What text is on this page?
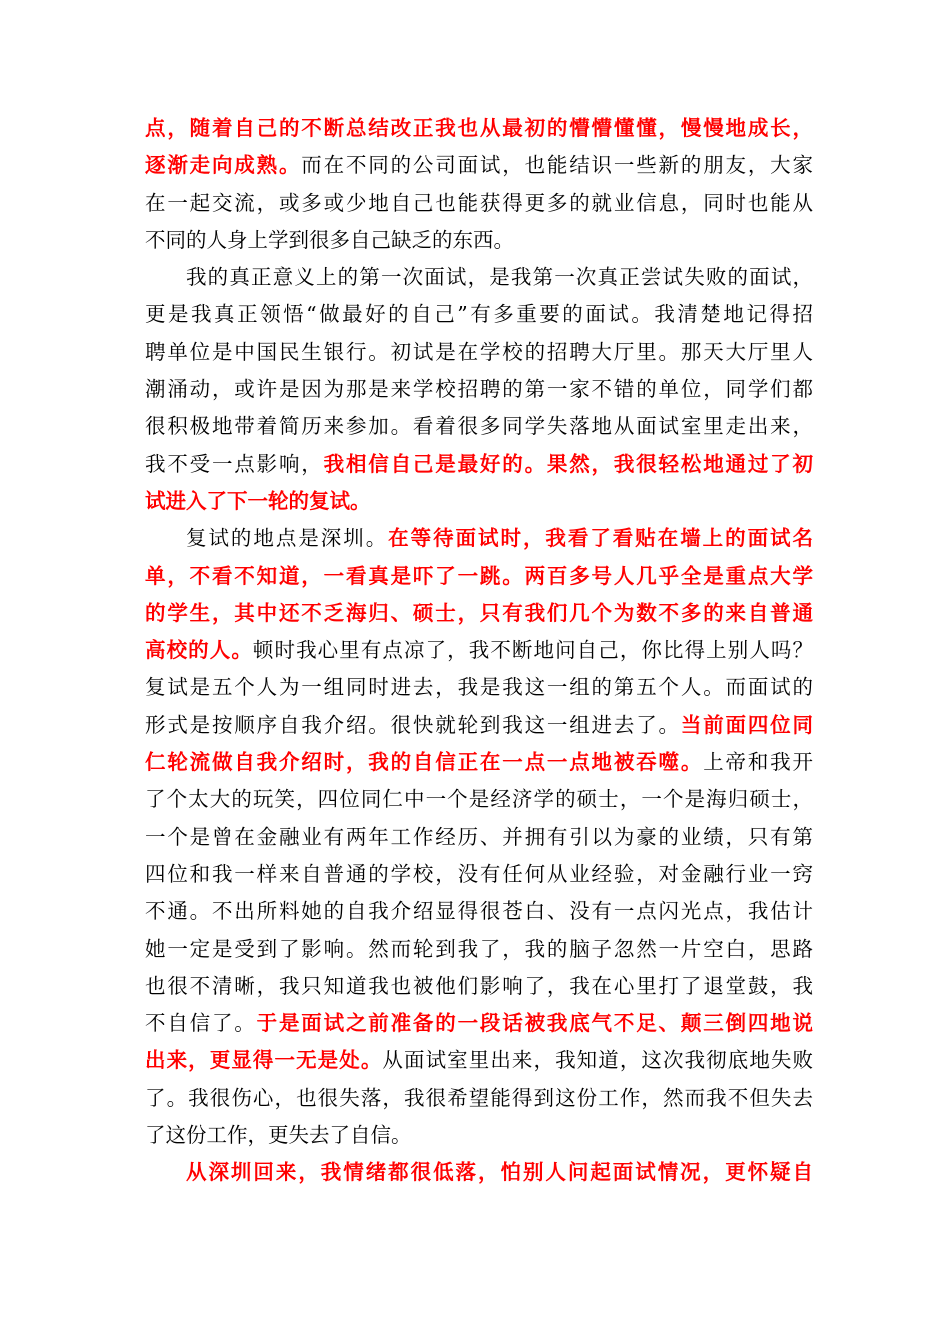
点，随着自己的不断总结改正我也从最初的懵懵懂懂，慢慢地成长，
逐渐走向成熟。而在不同的公司面试，也能结识一些新的朋友，大家
在一起交流，或多或少地自己也能获得更多的就业信息，同时也能从
不同的人身上学到很多自己缺乏的东西。
我的真正意义上的第一次面试，是我第一次真正尝试失败的面试，
更是我真正领悟“做最好的自己”有多重要的面试。我清楚地记得招
聘单位是中国民生银行。初试是在学校的招聘大厅里。那天大厅里人
潮涌动，或许是因为那是来学校招聘的第一家不错的单位，同学们都
很积极地带着简历来参加。看着很多同学失落地从面试室里走出来，
我不受一点影响，我相信自己是最好的。果然，我很轻松地通过了初
试进入了下一轮的复试。
复试的地点是深圳。在等待面试时，我看了看贴在墙上的面试名
单，不看不知道，一看真是吓了一跳。两百多号人几乎全是重点大学
的学生，其中还不乏海归、硕士，只有我们几个为数不多的来自普通
高校的人。顿时我心里有点凉了，我不断地问自己，你比得上别人吗？
复试是五个人为一组同时进去，我是我这一组的第五个人。而面试的
形式是按顺序自我介绍。很快就轮到我这一组进去了。当前面四位同
仁轮流做自我介绍时，我的自信正在一点一点地被吞噬。上帝和我开
了个太大的玩笑，四位同仁中一个是经济学的硕士，一个是海归硕士，
一个是曾在金融业有两年工作经历、并拥有引以为豪的业绩，只有第
四位和我一样来自普通的学校，没有任何从业经验，对金融行业一窍
不通。不出所料她的自我介绍显得很苍白、没有一点闪光点，我估计
她一定是受到了影响。然而轮到我了，我的脑子忽然一片空白，思路
也很不清晰，我只知道我也被他们影响了，我在心里打了退堂鼓，我
不自信了。于是面试之前准备的一段话被我底气不足、颠三倒四地说
出来，更显得一无是处。从面试室里出来，我知道，这次我彻底地失败
了。我很伤心，也很失落，我很希望能得到这份工作，然而我不但失去
了这份工作，更失去了自信。
从深圳回来，我情绪都很低落，怕别人问起面试情况，更怀疑自
